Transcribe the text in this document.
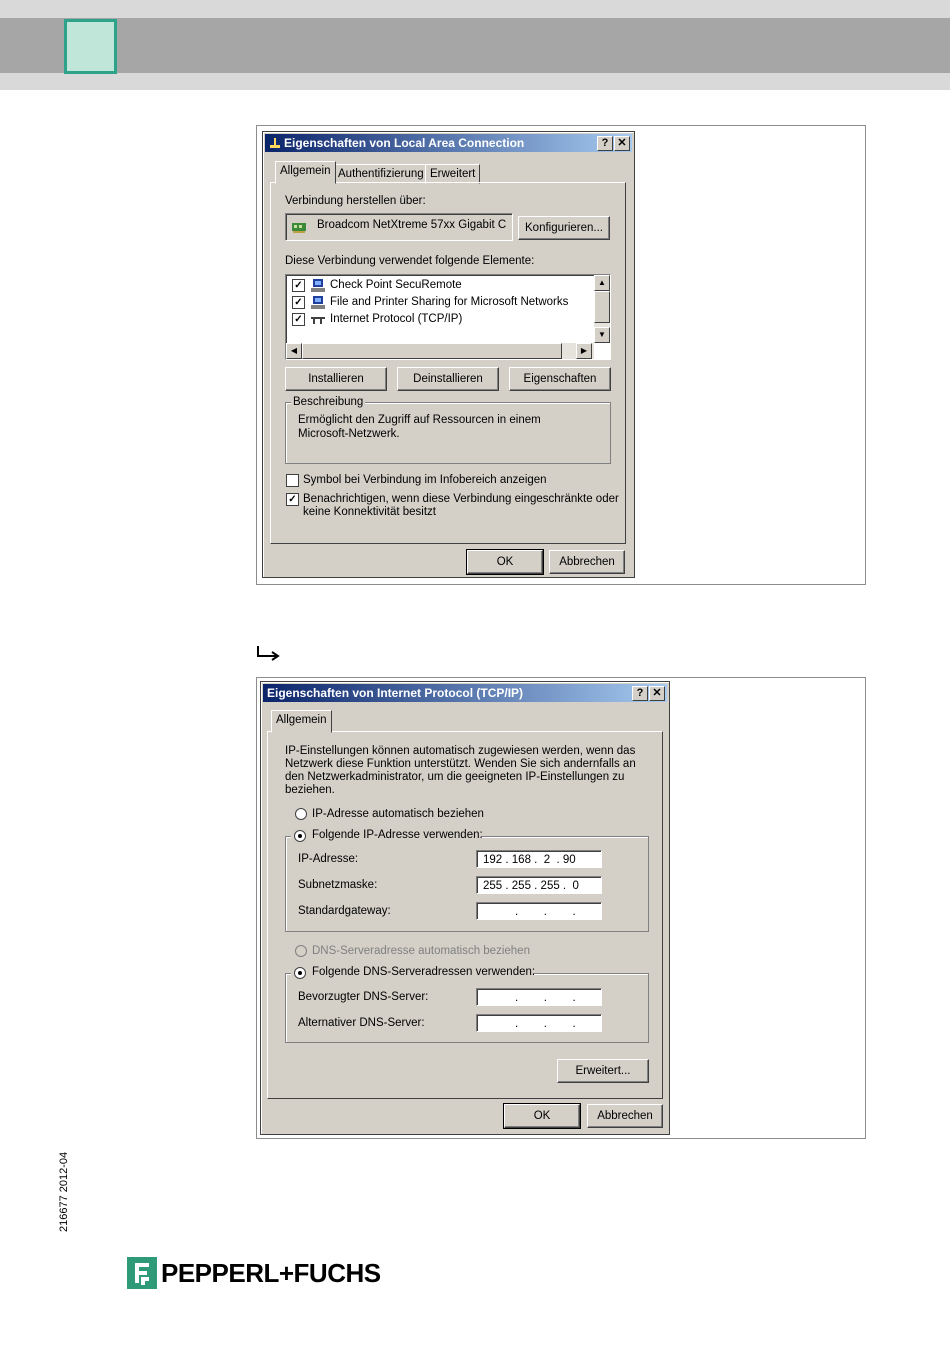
Eigenschaften von Local Area Connection	? ✕
Allgemein Authentifizierung Erweitert
Verbindung herstellen über:
Broadcom NetXtreme 57xx Gigabit C	Konfigurieren...
Diese Verbindung verwendet folgende Elemente:
✓ Check Point SecuRemote
✓ File and Printer Sharing for Microsoft Networks
✓ Internet Protocol (TCP/IP)
▲
▼
◀	▶
Installieren	Deinstallieren	Eigenschaften
Beschreibung
Ermöglicht den Zugriff auf Ressourcen in einem
Microsoft-Netzwerk.
Symbol bei Verbindung im Infobereich anzeigen
✓ Benachrichtigen, wenn diese Verbindung eingeschränkte oder
keine Konnektivität besitzt
OK	Abbrechen
Eigenschaften von Internet Protocol (TCP/IP)	? ✕
Allgemein
IP-Einstellungen können automatisch zugewiesen werden, wenn das
Netzwerk diese Funktion unterstützt. Wenden Sie sich andernfalls an
den Netzwerkadministrator, um die geeigneten IP-Einstellungen zu
beziehen.
IP-Adresse automatisch beziehen
Folgende IP-Adresse verwenden:
IP-Adresse:	192 . 168 .  2  . 90
Subnetzmaske:	255 . 255 . 255 .  0
Standardgateway:	.        .        .
DNS-Serveradresse automatisch beziehen
Folgende DNS-Serveradressen verwenden:
Bevorzugter DNS-Server:	.        .        .
Alternativer DNS-Server:	.        .        .
Erweitert...
OK	Abbrechen
216677 2012-04
PEPPERL+FUCHS
